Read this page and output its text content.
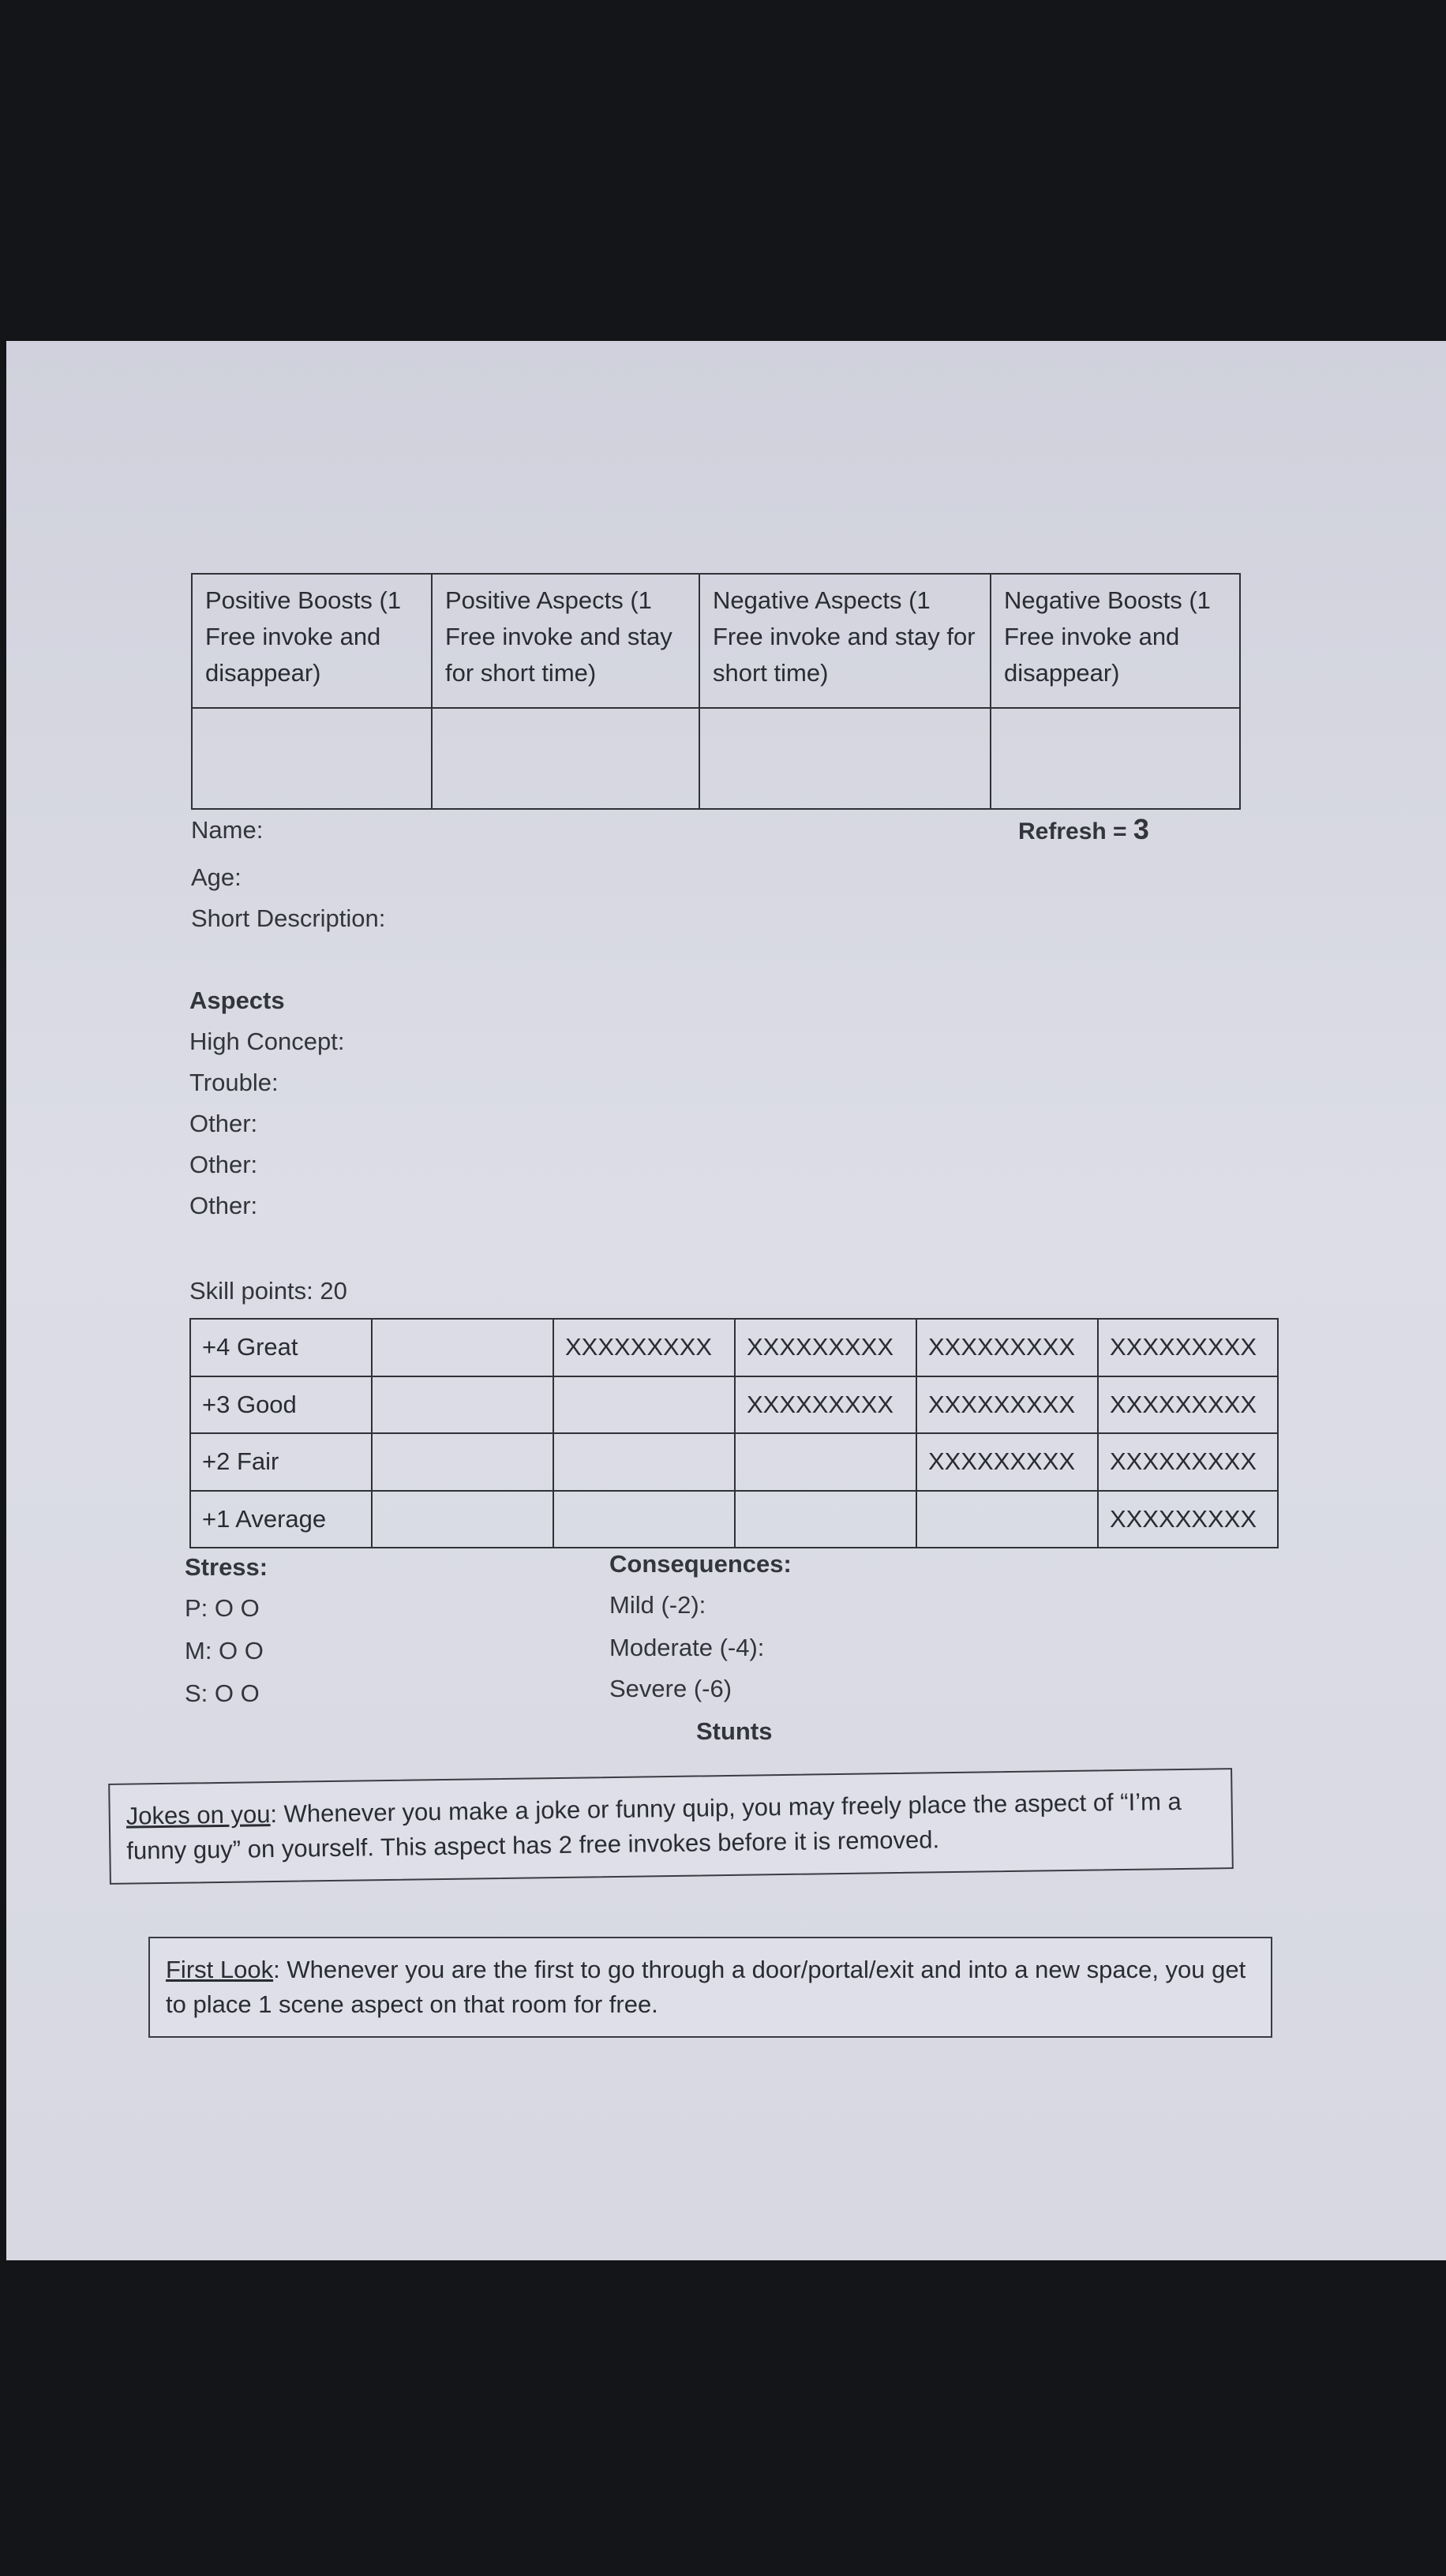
Positive Boosts (1 Free invoke and disappear)	Positive Aspects (1 Free invoke and stay for short time)	Negative Aspects (1 Free invoke and stay for short time)	Negative Boosts (1 Free invoke and disappear)

Name:	Refresh = 3
Age:
Short Description:
Aspects
High Concept:
Trouble:
Other:
Other:
Other:
Skill points: 20
+4 Great		XXXXXXXXX	XXXXXXXXX	XXXXXXXXX	XXXXXXXXX
+3 Good			XXXXXXXXX	XXXXXXXXX	XXXXXXXXX
+2 Fair				XXXXXXXXX	XXXXXXXXX
+1 Average					XXXXXXXXX
Stress:
P: O O
M: O O
S: O O
Consequences:
Mild (-2):
Moderate (-4):
Severe (-6)
Stunts
Jokes on you: Whenever you make a joke or funny quip, you may freely place the aspect of “I’m a funny guy” on yourself. This aspect has 2 free invokes before it is removed.
First Look: Whenever you are the first to go through a door/portal/exit and into a new space, you get to place 1 scene aspect on that room for free.
